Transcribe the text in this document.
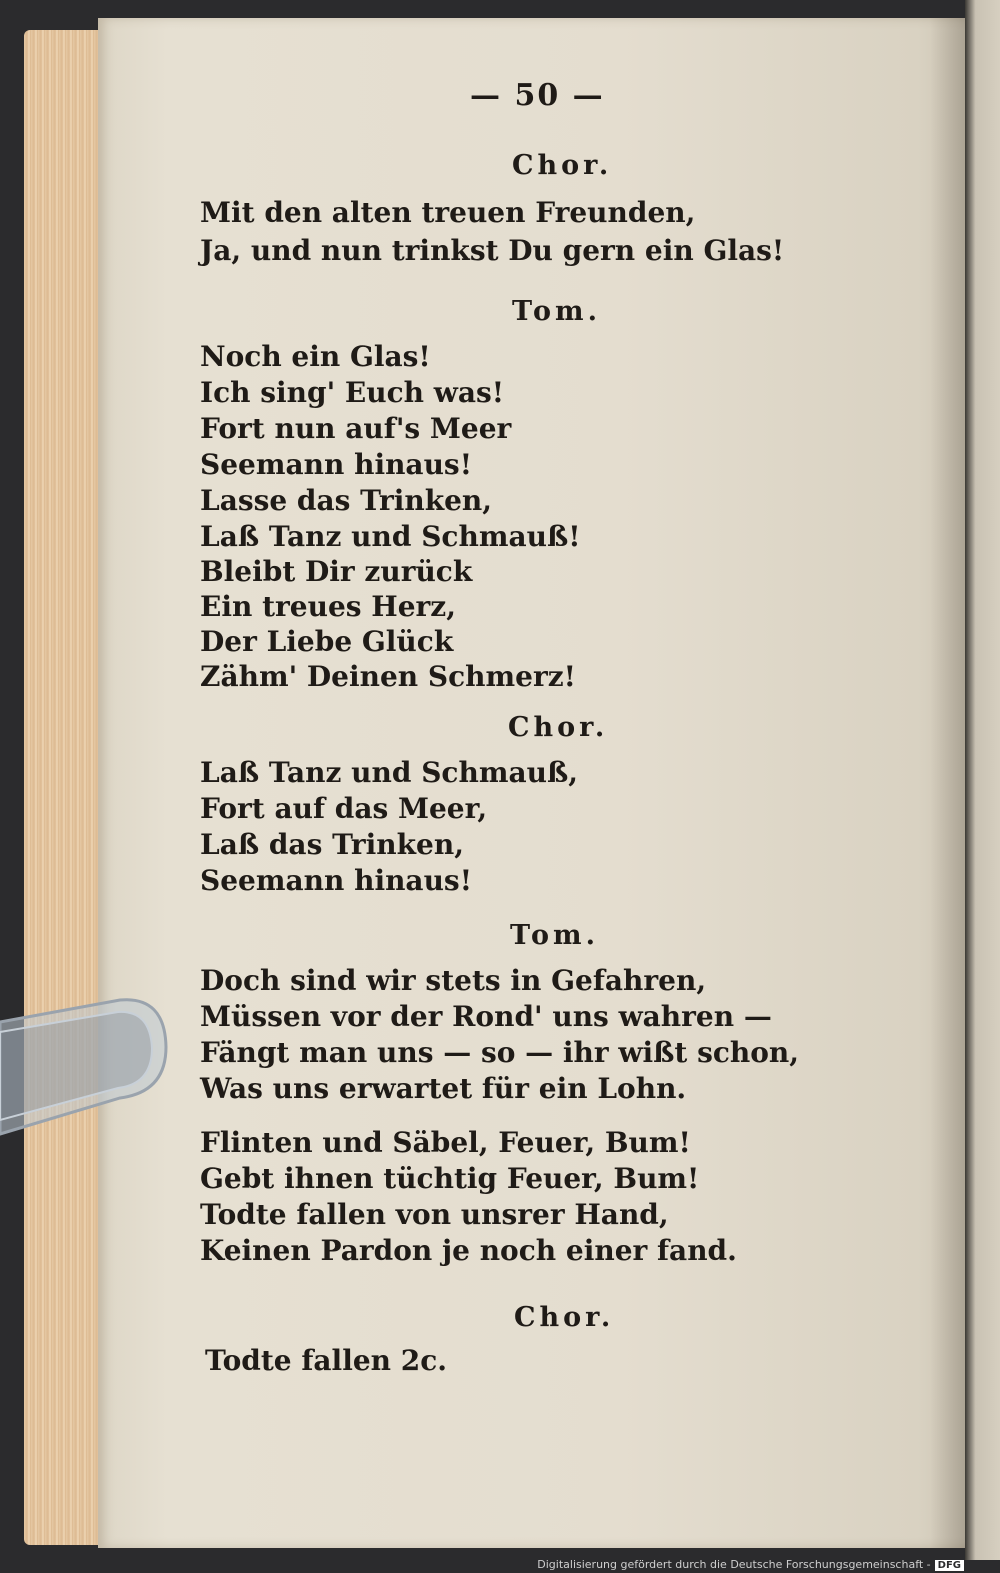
— 50 —
Chor.
Mit den alten treuen Freunden,
Ja, und nun trinkst Du gern ein Glas!
Tom.
Noch ein Glas!
Ich sing' Euch was!
Fort nun auf's Meer
Seemann hinaus!
Lasse das Trinken,
Laß Tanz und Schmauß!
Bleibt Dir zurück
Ein treues Herz,
Der Liebe Glück
Zähm' Deinen Schmerz!
Chor.
Laß Tanz und Schmauß,
Fort auf das Meer,
Laß das Trinken,
Seemann hinaus!
Tom.
Doch sind wir stets in Gefahren,
Müssen vor der Rond' uns wahren —
Fängt man uns — so — ihr wißt schon,
Was uns erwartet für ein Lohn.
Flinten und Säbel, Feuer, Bum!
Gebt ihnen tüchtig Feuer, Bum!
Todte fallen von unsrer Hand,
Keinen Pardon je noch einer fand.
Chor.
Todte fallen 2c.
Digitalisierung gefördert durch die Deutsche Forschungsgemeinschaft - DFG
